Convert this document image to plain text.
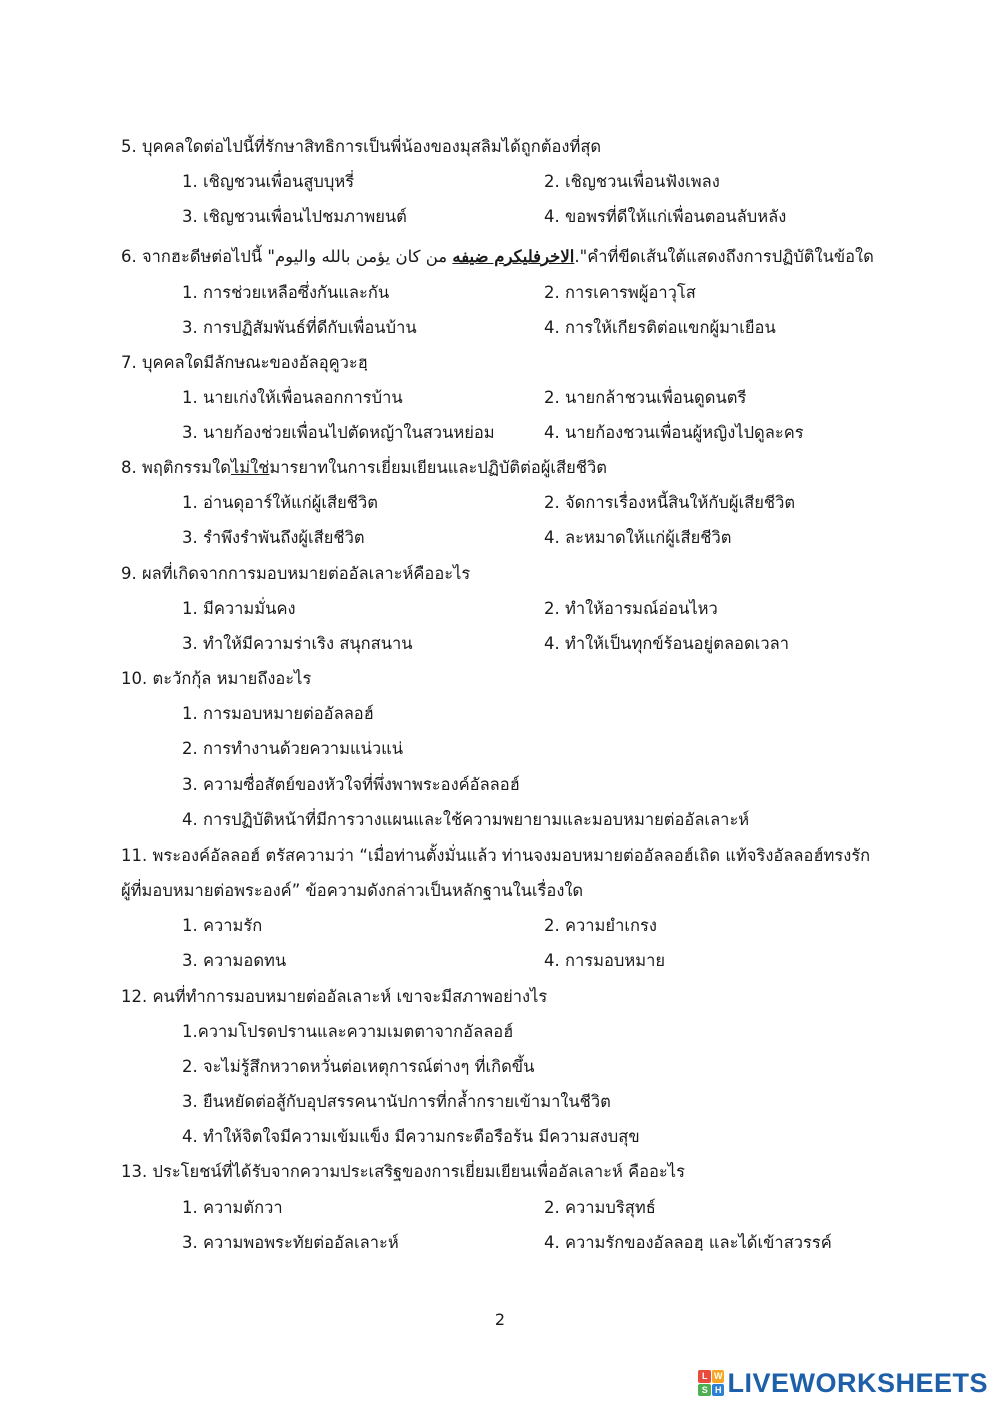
5. บุคคลใดต่อไปนี้ที่รักษาสิทธิการเป็นพี่น้องของมุสลิมได้ถูกต้องที่สุด
1. เชิญชวนเพื่อนสูบบุหรี่	2. เชิญชวนเพื่อนฟังเพลง
3. เชิญชวนเพื่อนไปชมภาพยนต์	4. ขอพรที่ดีให้แก่เพื่อนตอนลับหลัง
6. จากฮะดีษต่อไปนี้ "من كان يؤمن بالله واليوم الاخرفليكرم ضيفه."คำที่ขีดเส้นใต้แสดงถึงการปฏิบัติในข้อใด
1. การช่วยเหลือซึ่งกันและกัน	2. การเคารพผู้อาวุโส
3. การปฏิสัมพันธ์ที่ดีกับเพื่อนบ้าน	4. การให้เกียรติต่อแขกผู้มาเยือน
7. บุคคลใดมีลักษณะของอัลอุคูวะฮฺ
1. นายเก่งให้เพื่อนลอกการบ้าน	2. นายกล้าชวนเพื่อนดูดนตรี
3. นายก้องช่วยเพื่อนไปตัดหญ้าในสวนหย่อม	4. นายก้องชวนเพื่อนผู้หญิงไปดูละคร
8. พฤติกรรมใดไม่ใช่มารยาทในการเยี่ยมเยียนและปฏิบัติต่อผู้เสียชีวิต
1. อ่านดุอาร์ให้แก่ผู้เสียชีวิต	2. จัดการเรื่องหนี้สินให้กับผู้เสียชีวิต
3. รำพึงรำพันถึงผู้เสียชีวิต	4. ละหมาดให้แก่ผู้เสียชีวิต
9. ผลที่เกิดจากการมอบหมายต่ออัลเลาะห์คืออะไร
1. มีความมั่นคง	2. ทำให้อารมณ์อ่อนไหว
3. ทำให้มีความร่าเริง สนุกสนาน	4. ทำให้เป็นทุกข์ร้อนอยู่ตลอดเวลา
10. ตะวักกุ้ล หมายถึงอะไร
1. การมอบหมายต่ออัลลอฮ์
2. การทำงานด้วยความแน่วแน่
3. ความซื่อสัตย์ของหัวใจที่พึ่งพาพระองค์อัลลอฮ์
4. การปฏิบัติหน้าที่มีการวางแผนและใช้ความพยายามและมอบหมายต่ออัลเลาะห์
11. พระองค์อัลลอฮ์ ตรัสความว่า “เมื่อท่านตั้งมั่นแล้ว ท่านจงมอบหมายต่ออัลลอฮ์เถิด แท้จริงอัลลอฮ์ทรงรัก
ผู้ที่มอบหมายต่อพระองค์” ข้อความดังกล่าวเป็นหลักฐานในเรื่องใด
1. ความรัก	2. ความยำเกรง
3. ความอดทน	4. การมอบหมาย
12. คนที่ทำการมอบหมายต่ออัลเลาะห์ เขาจะมีสภาพอย่างไร
1.ความโปรดปรานและความเมตตาจากอัลลอฮ์
2. จะไม่รู้สึกหวาดหวั่นต่อเหตุการณ์ต่างๆ ที่เกิดขึ้น
3. ยืนหยัดต่อสู้กับอุปสรรคนานัปการที่กล้ำกรายเข้ามาในชีวิต
4. ทำให้จิตใจมีความเข้มแข็ง มีความกระตือรือร้น มีความสงบสุข
13. ประโยชน์ที่ได้รับจากความประเสริฐของการเยี่ยมเยียนเพื่ออัลเลาะห์ คืออะไร
1. ความตักวา	2. ความบริสุทธ์
3. ความพอพระทัยต่ออัลเลาะห์	4. ความรักของอัลลอฮฺ และได้เข้าสวรรค์
2
L W
S H LIVEWORKSHEETS
